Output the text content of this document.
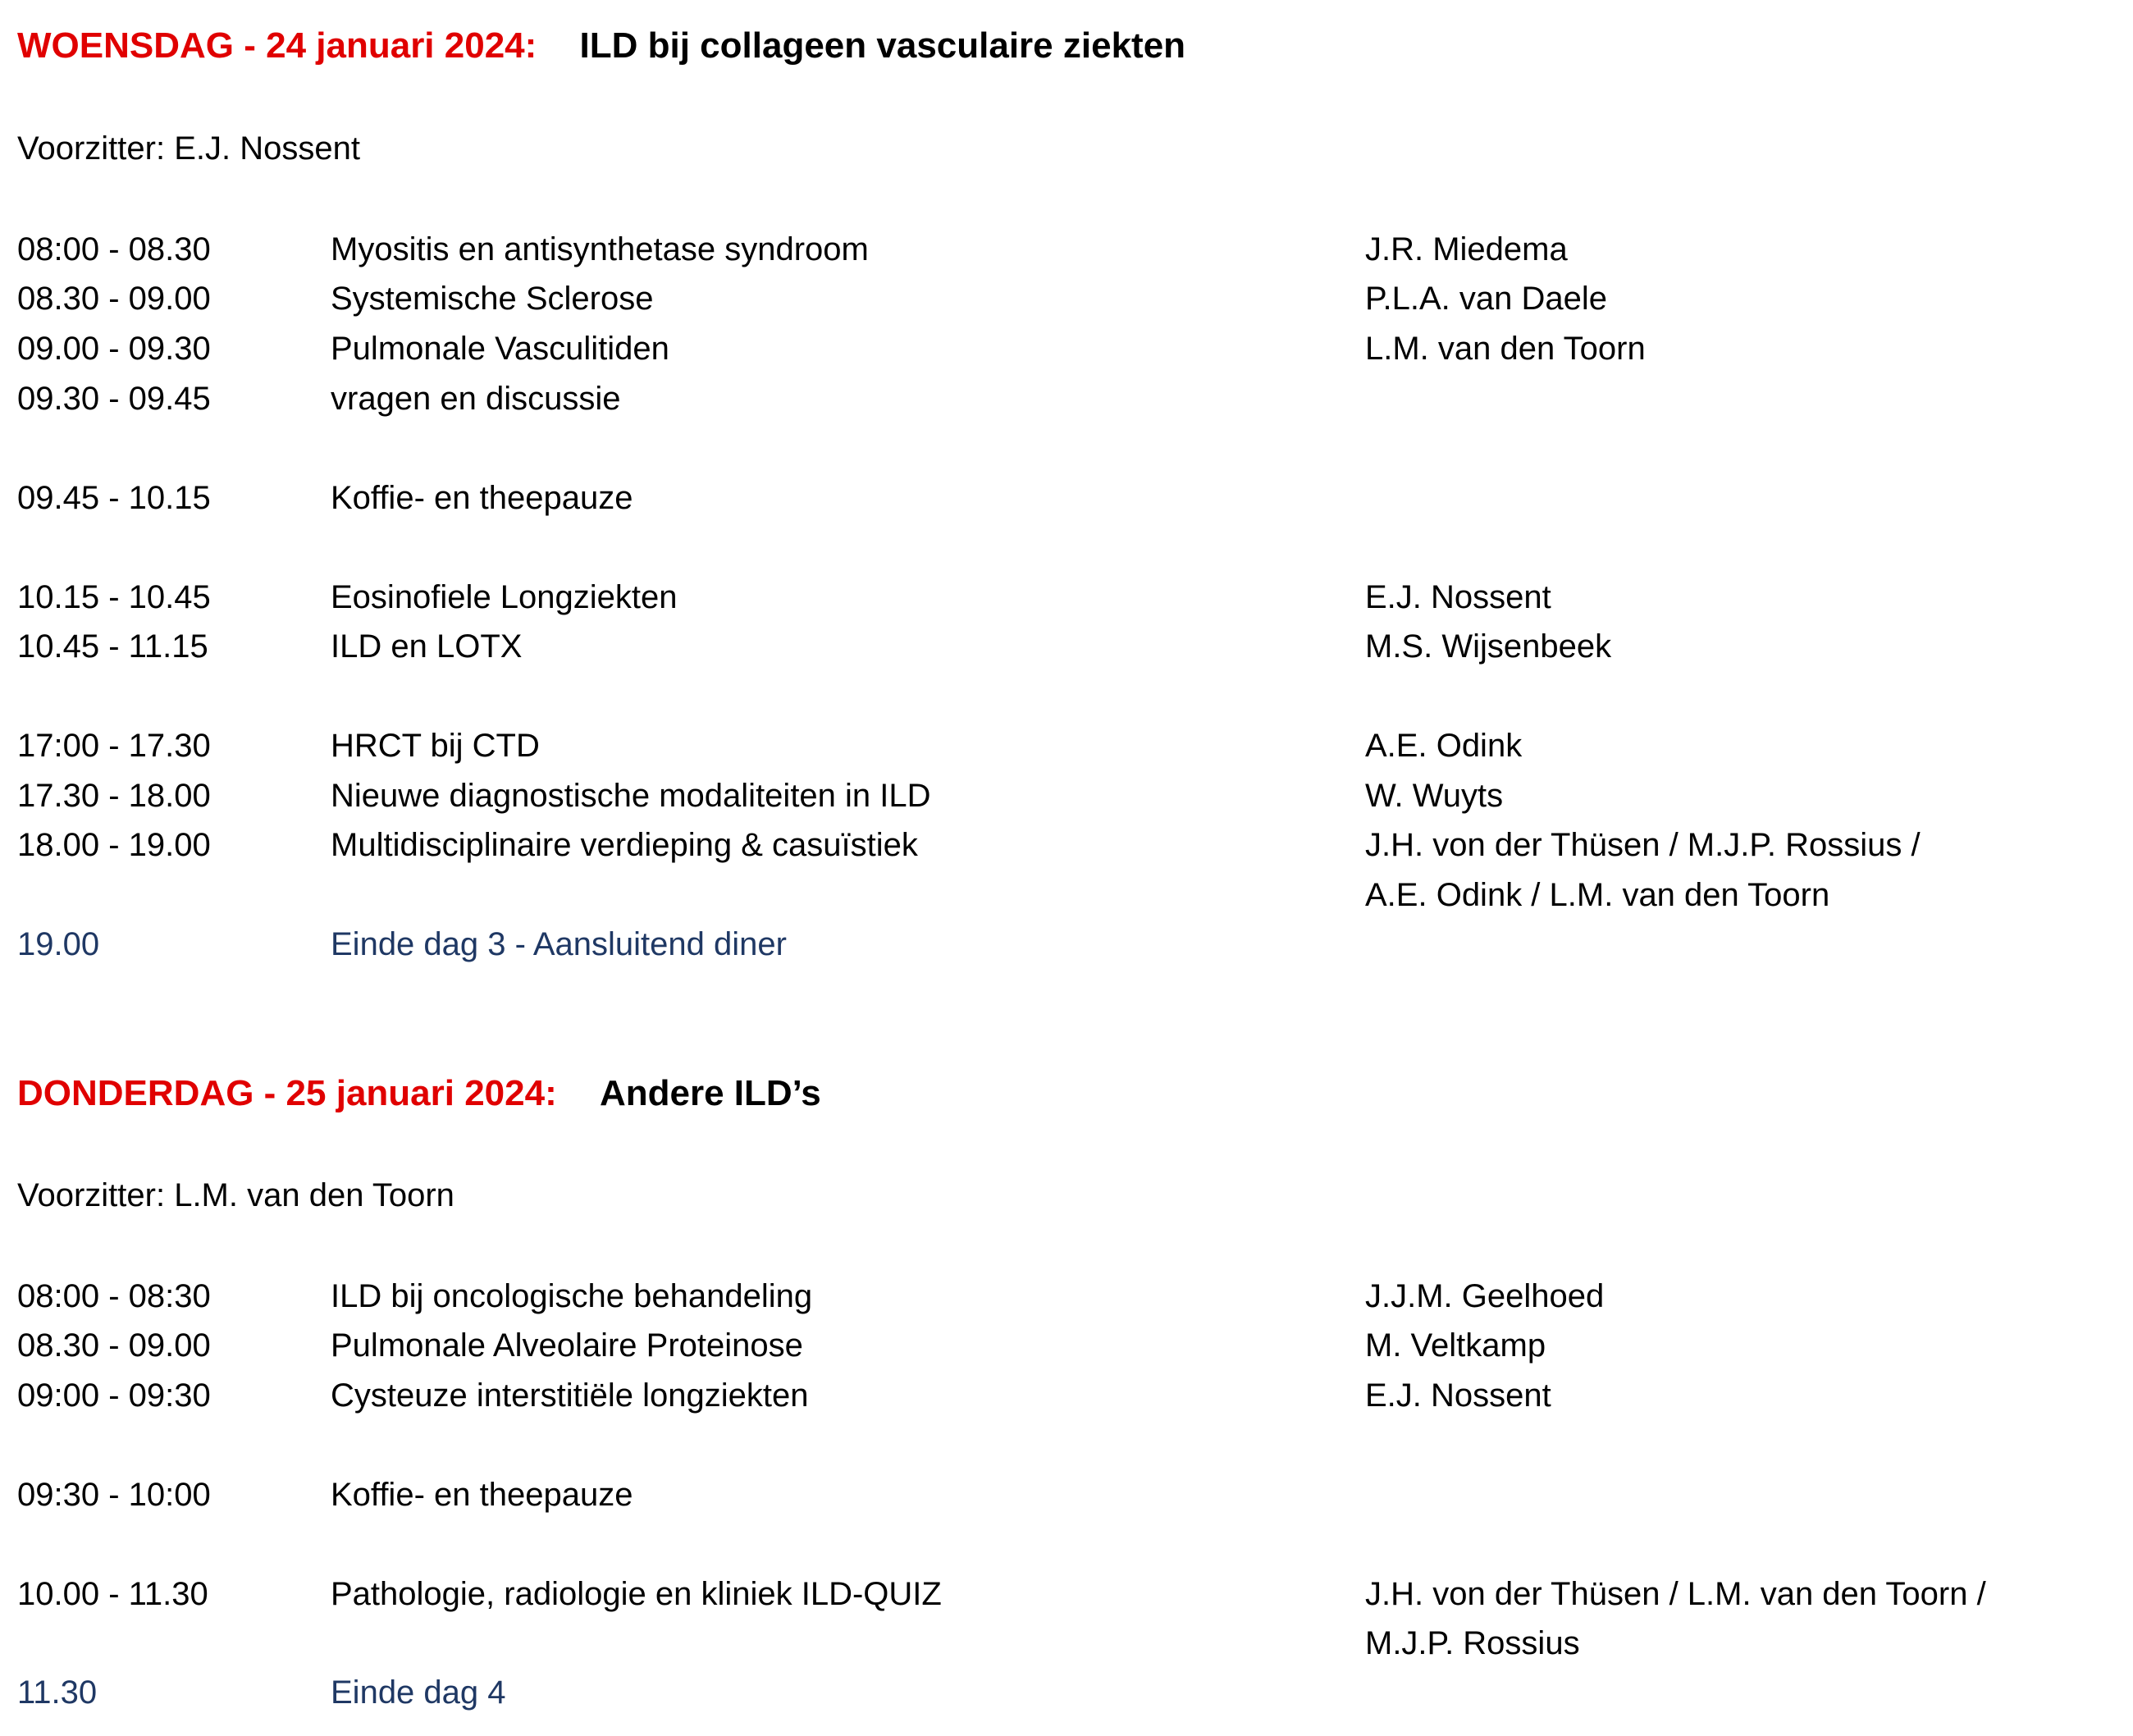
WOENSDAG - 24 januari 2024: ILD bij collageen vasculaire ziekten
Voorzitter: E.J. Nossent
08:00 - 08.30	Myositis en antisynthetase syndroom	J.R. Miedema
08.30 - 09.00	Systemische Sclerose	P.L.A. van Daele
09.00 - 09.30	Pulmonale Vasculitiden	L.M. van den Toorn
09.30 - 09.45	vragen en discussie
09.45 - 10.15	Koffie- en theepauze
10.15 - 10.45	Eosinofiele Longziekten	E.J. Nossent
10.45 - 11.15	ILD en LOTX	M.S. Wijsenbeek
17:00 - 17.30	HRCT bij CTD	A.E. Odink
17.30 - 18.00	Nieuwe diagnostische modaliteiten in ILD	W. Wuyts
18.00 - 19.00	Multidisciplinaire verdieping & casuïstiek	J.H. von der Thüsen / M.J.P. Rossius /
A.E. Odink / L.M. van den Toorn
19.00	Einde dag 3 - Aansluitend diner
DONDERDAG - 25 januari 2024: Andere ILD’s
Voorzitter: L.M. van den Toorn
08:00 - 08:30	ILD bij oncologische behandeling	J.J.M. Geelhoed
08.30 - 09.00	Pulmonale Alveolaire Proteinose	M. Veltkamp
09:00 - 09:30	Cysteuze interstitiële longziekten	E.J. Nossent
09:30 - 10:00	Koffie- en theepauze
10.00 - 11.30	Pathologie, radiologie en kliniek ILD-QUIZ	J.H. von der Thüsen / L.M. van den Toorn /
M.J.P. Rossius
11.30	Einde dag 4
